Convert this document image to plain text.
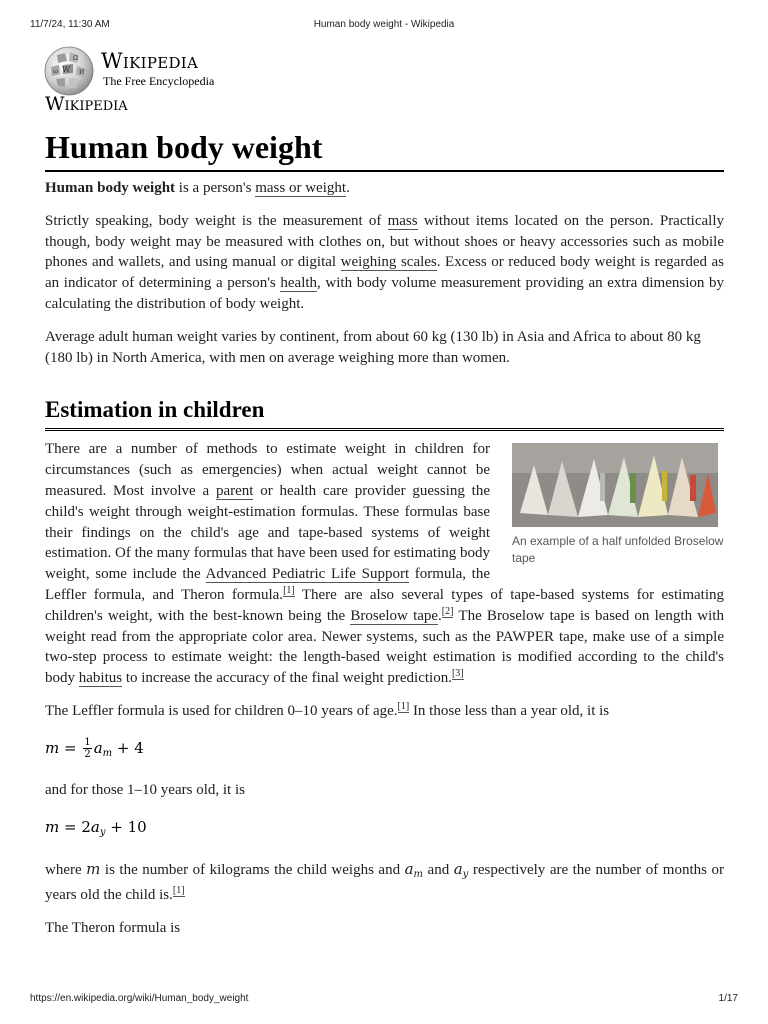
11/7/24, 11:30 AM	Human body weight - Wikipedia
W
Ω
ω	И Wikipedia
The Free Encyclopedia
Wikipedia
Human body weight

Human body weight is a person's mass or weight.

Strictly speaking, body weight is the measurement of mass without items located on the person. Practically though, body weight may be measured with clothes on, but without shoes or heavy accessories such as mobile phones and wallets, and using manual or digital weighing scales. Excess or reduced body weight is regarded as an indicator of determining a person's health, with body volume measurement providing an extra dimension by calculating the distribution of body weight.

Average adult human weight varies by continent, from about 60 kg (130 lb) in Asia and Africa to about 80 kg (180 lb) in North America, with men on average weighing more than women.

Estimation in children
An example of a half unfolded Broselow tape

There are a number of methods to estimate weight in children for circumstances (such as emergencies) when actual weight cannot be measured. Most involve a parent or health care provider guessing the child's weight through weight-estimation formulas. These formulas base their findings on the child's age and tape-based systems of weight estimation. Of the many formulas that have been used for estimating body weight, some include the Advanced Pediatric Life Support formula, the Leffler formula, and Theron formula.[1] There are also several types of tape-based systems for estimating children's weight, with the best-known being the Broselow tape.[2] The Broselow tape is based on length with weight read from the appropriate color area. Newer systems, such as the PAWPER tape, make use of a simple two-step process to estimate weight: the length-based weight estimation is modified according to the child's body habitus to increase the accuracy of the final weight prediction.[3]

The Leffler formula is used for children 0–10 years of age.[1] In those less than a year old, it is

$m = \frac{1}{2} a_m + 4$

and for those 1–10 years old, it is

$m = 2a_y + 10$

where m is the number of kilograms the child weighs and $a_m$ and $a_y$ respectively are the number of months or years old the child is.[1]

The Theron formula is

https://en.wikipedia.org/wiki/Human_body_weight	1/17
